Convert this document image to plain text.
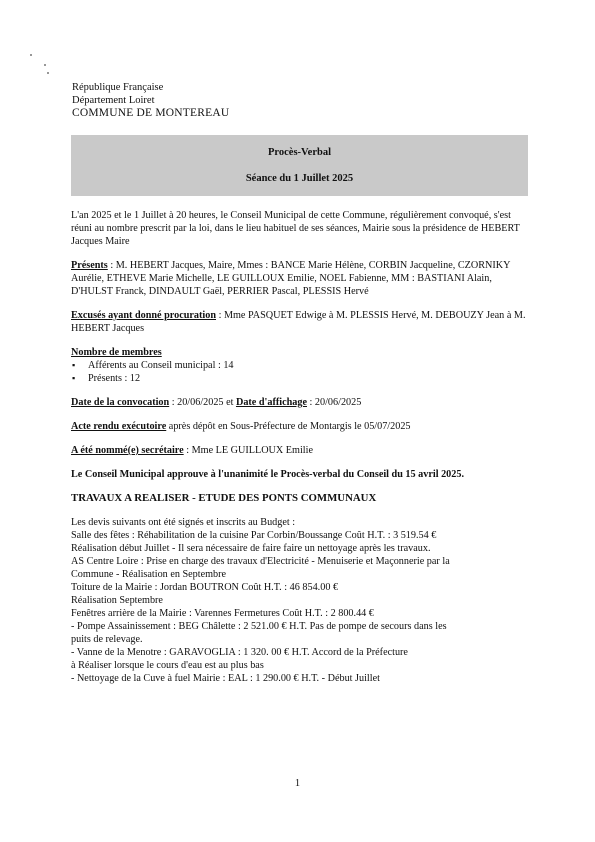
République Française
Département Loiret
COMMUNE DE MONTEREAU
Procès-Verbal
Séance du 1 Juillet 2025

L'an 2025 et le 1 Juillet à 20 heures, le Conseil Municipal de cette Commune, régulièrement convoqué, s'est réuni au nombre prescrit par la loi, dans le lieu habituel de ses séances, Mairie sous la présidence de HEBERT Jacques Maire

Présents : M. HEBERT Jacques, Maire, Mmes : BANCE Marie Hélène, CORBIN Jacqueline, CZORNIKY Aurélie, ETHEVE Marie Michelle, LE GUILLOUX Emilie, NOEL Fabienne, MM : BASTIANI Alain, D'HULST Franck, DINDAULT Gaël, PERRIER Pascal, PLESSIS Hervé

Excusés ayant donné procuration : Mme PASQUET Edwige à M. PLESSIS Hervé, M. DEBOUZY Jean à M. HEBERT Jacques

Nombre de membres

▪ Afférents au Conseil municipal : 14
▪ Présents : 12

Date de la convocation : 20/06/2025 et Date d'affichage : 20/06/2025

Acte rendu exécutoire après dépôt en Sous-Préfecture de Montargis le 05/07/2025

A été nommé(e) secrétaire : Mme LE GUILLOUX Emilie

Le Conseil Municipal approuve à l'unanimité le Procès-verbal du Conseil du 15 avril 2025.

TRAVAUX A REALISER - ETUDE DES PONTS COMMUNAUX

Les devis suivants ont été signés et inscrits au Budget :

Salle des fêtes : Réhabilitation de la cuisine Par Corbin/Boussange Coût H.T. : 3 519.54 €

Réalisation début Juillet - Il sera nécessaire de faire faire un nettoyage après les travaux.

AS Centre Loire : Prise en charge des travaux d'Electricité - Menuiserie et Maçonnerie par la

Commune - Réalisation en Septembre

Toiture de la Mairie : Jordan BOUTRON Coût H.T. : 46 854.00 €

Réalisation Septembre

Fenêtres arrière de la Mairie : Varennes Fermetures Coût H.T. : 2 800.44 €

- Pompe Assainissement : BEG Châlette : 2 521.00 € H.T. Pas de pompe de secours dans les

puits de relevage.

- Vanne de la Menotre : GARAVOGLIA : 1 320. 00 € H.T. Accord de la Préfecture

à Réaliser lorsque le cours d'eau est au plus bas

- Nettoyage de la Cuve à fuel Mairie : EAL : 1 290.00 € H.T. - Début Juillet

1
